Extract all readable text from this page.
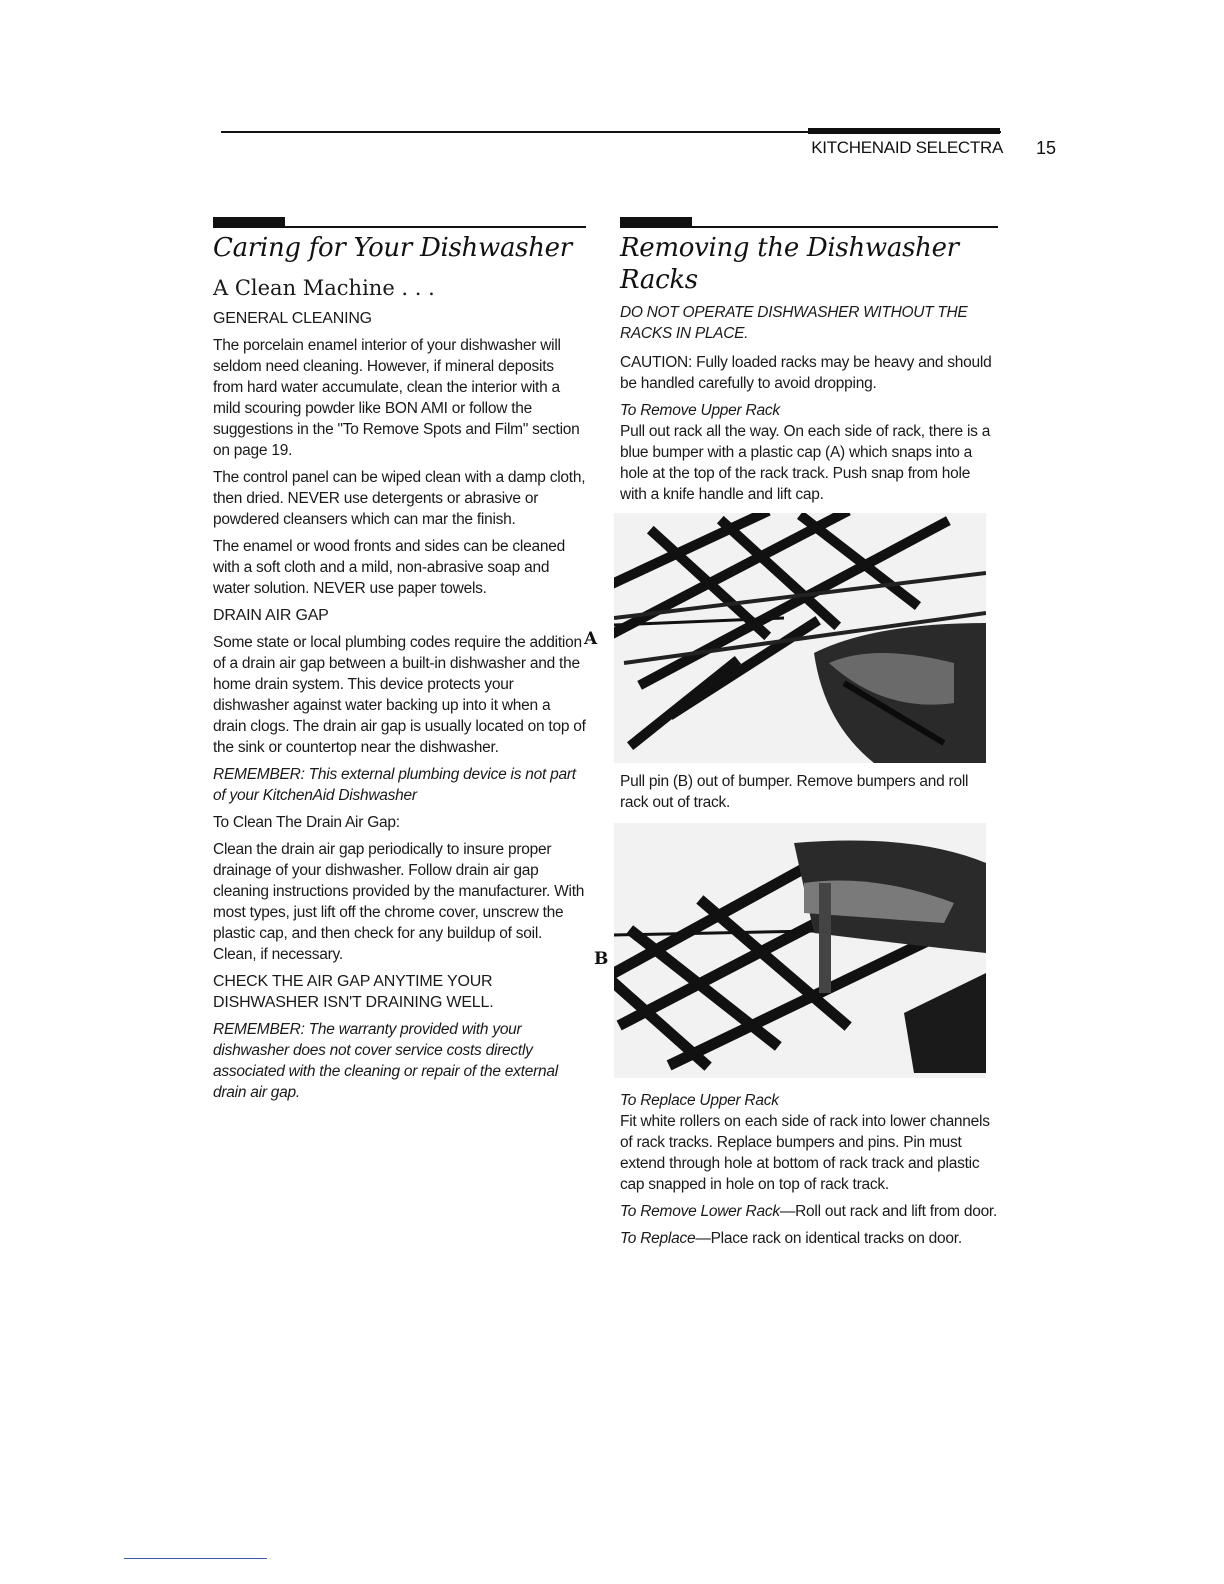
KITCHENAID SELECTRA 15
Caring for Your Dishwasher
A Clean Machine . . .
GENERAL CLEANING

The porcelain enamel interior of your dishwasher will seldom need cleaning. However, if mineral deposits from hard water accumulate, clean the interior with a mild scouring powder like BON AMI or follow the suggestions in the "To Remove Spots and Film" section on page 19.

The control panel can be wiped clean with a damp cloth, then dried. NEVER use detergents or abrasive or powdered cleansers which can mar the finish.

The enamel or wood fronts and sides can be cleaned with a soft cloth and a mild, non-abrasive soap and water solution. NEVER use paper towels.

DRAIN AIR GAP

Some state or local plumbing codes require the addition of a drain air gap between a built-in dishwasher and the home drain system. This device protects your dishwasher against water backing up into it when a drain clogs. The drain air gap is usually located on top of the sink or countertop near the dishwasher.

REMEMBER: This external plumbing device is not part of your KitchenAid Dishwasher

To Clean The Drain Air Gap:

Clean the drain air gap periodically to insure proper drainage of your dishwasher. Follow drain air gap cleaning instructions provided by the manufacturer. With most types, just lift off the chrome cover, unscrew the plastic cap, and then check for any buildup of soil. Clean, if necessary.

CHECK THE AIR GAP ANYTIME YOUR DISHWASHER ISN'T DRAINING WELL.

REMEMBER: The warranty provided with your dishwasher does not cover service costs directly associated with the cleaning or repair of the external drain air gap.

Removing the Dishwasher Racks
DO NOT OPERATE DISHWASHER WITHOUT THE RACKS IN PLACE.

CAUTION: Fully loaded racks may be heavy and should be handled carefully to avoid dropping.

To Remove Upper Rack

Pull out rack all the way. On each side of rack, there is a blue bumper with a plastic cap (A) which snaps into a hole at the top of the rack track. Push snap from hole with a knife handle and lift cap.

A

Pull pin (B) out of bumper. Remove bumpers and roll rack out of track.

B

To Replace Upper Rack

Fit white rollers on each side of rack into lower channels of rack tracks. Replace bumpers and pins. Pin must extend through hole at bottom of rack track and plastic cap snapped in hole on top of rack track.

To Remove Lower Rack—Roll out rack and lift from door.

To Replace—Place rack on identical tracks on door.
